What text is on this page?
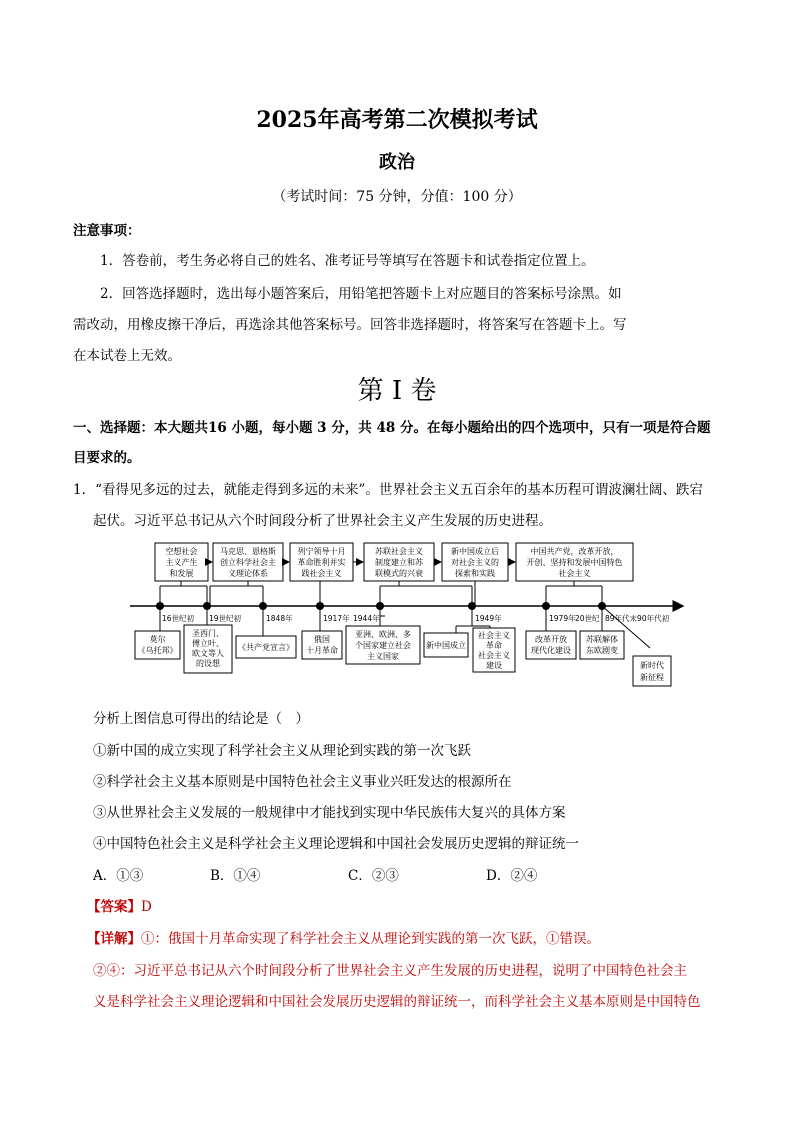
2025年高考第二次模拟考试
政治
（考试时间：75 分钟，分值：100 分）
注意事项：
1．答卷前，考生务必将自己的姓名、准考证号等填写在答题卡和试卷指定位置上。
2．回答选择题时，选出每小题答案后，用铅笔把答题卡上对应题目的答案标号涂黑。如
需改动，用橡皮擦干净后，再选涂其他答案标号。回答非选择题时，将答案写在答题卡上。写
在本试卷上无效。
第 I 卷
一、选择题：本大题共16 小题，每小题 3 分，共 48 分。在每小题给出的四个选项中，只有一项是符合题
目要求的。
1．“看得见多远的过去，就能走得到多远的未来”。世界社会主义五百余年的基本历程可谓波澜壮阔、跌宕
起伏。习近平总书记从六个时间段分析了世界社会主义产生发展的历史进程。
空想社会
主义产生
和发展
马克思、恩格斯
创立科学社会主
义理论体系
列宁领导十月
革命胜利并实
践社会主义
苏联社会主义
制度建立和苏
联模式的兴衰
新中国成立后
对社会主义的
探索和实践
中国共产党，改革开放，
开创、坚持和发展中国特色
社会主义
16世纪初 19世纪初	1848年	1917年 1944年	1949年	1979年 20世纪 89年代末90年代初
莫尔
《乌托邦》
圣西门、
傅立叶、
欧文等人
的设想
《共产党宣言》
俄国
十月革命
亚洲、欧洲、多
个国家建立社会
主义国家
新中国成立
社会主义
革命
社会主义
建设
改革开放
现代化建设
苏联解体
东欧剧变
新时代
新征程
分析上图信息可得出的结论是（　）
①新中国的成立实现了科学社会主义从理论到实践的第一次飞跃
②科学社会主义基本原则是中国特色社会主义事业兴旺发达的根源所在
③从世界社会主义发展的一般规律中才能找到实现中华民族伟大复兴的具体方案
④中国特色社会主义是科学社会主义理论逻辑和中国社会发展历史逻辑的辩证统一
A．①③	B．①④	C．②③	D．②④
【答案】D
【详解】①：俄国十月革命实现了科学社会主义从理论到实践的第一次飞跃，①错误。
②④：习近平总书记从六个时间段分析了世界社会主义产生发展的历史进程，说明了中国特色社会主
义是科学社会主义理论逻辑和中国社会发展历史逻辑的辩证统一，而科学社会主义基本原则是中国特色
